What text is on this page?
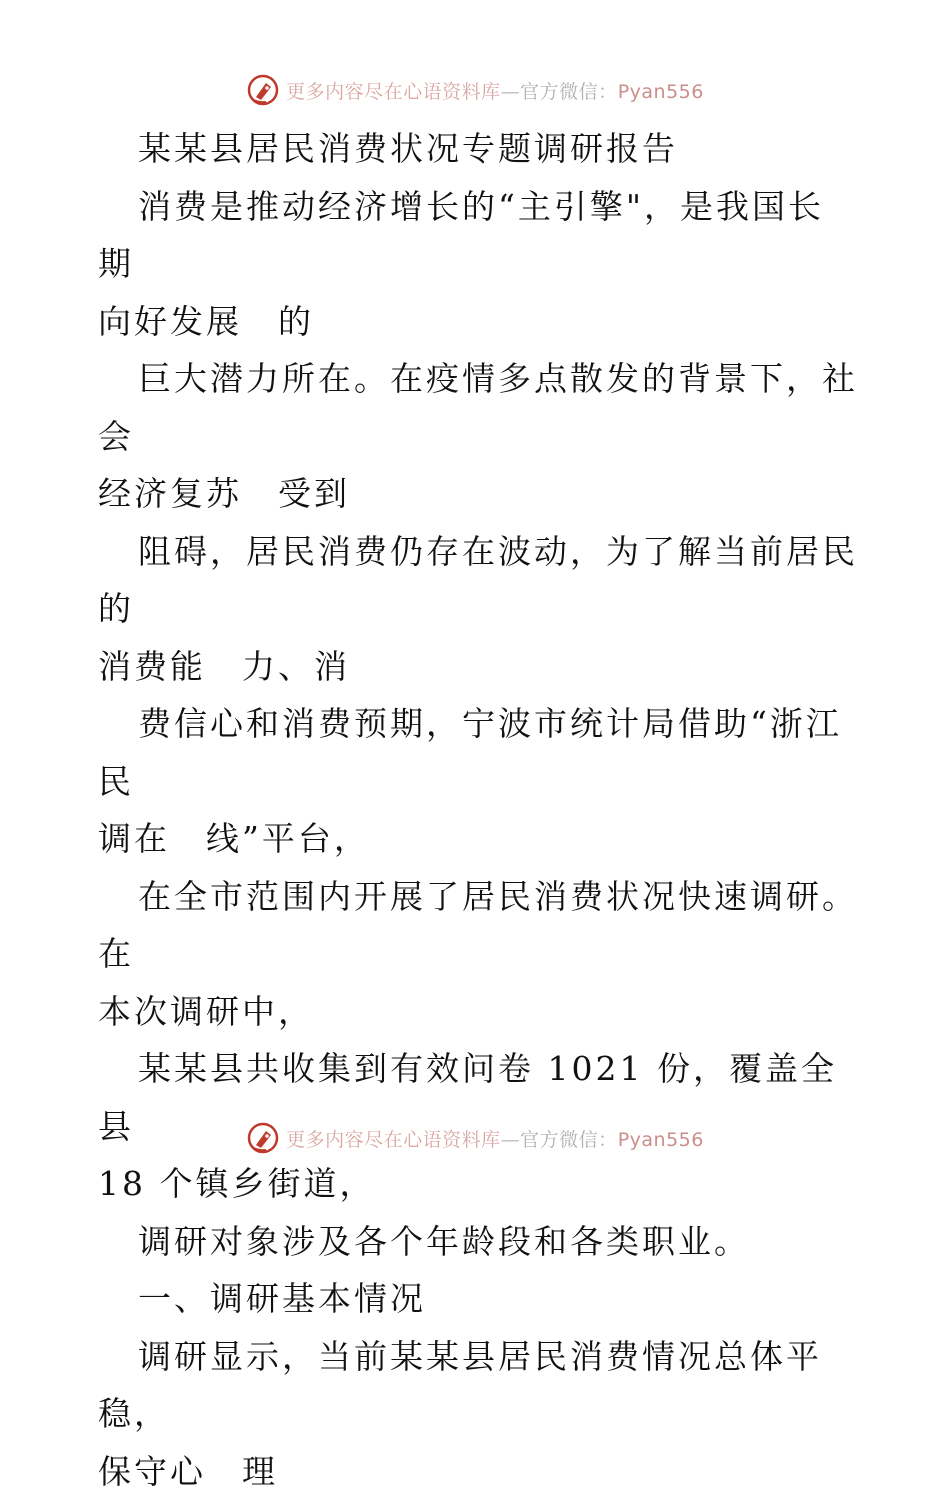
更多内容尽在心语资料库—官方微信：Pyan556

某某县居民消费状况专题调研报告

消费是推动经济增长的“主引擎"，是我国长期

向好发展　的

巨大潜力所在。在疫情多点散发的背景下，社会

经济复苏　受到

阻碍，居民消费仍存在波动，为了解当前居民的

消费能　力、消

费信心和消费预期，宁波市统计局借助“浙江民

调在　线”平台，

在全市范围内开展了居民消费状况快速调研。在

本次调研中，

某某县共收集到有效问卷 1021 份，覆盖全县

18 个镇乡街道，

调研对象涉及各个年龄段和各类职业。

一、调研基本情况

调研显示，当前某某县居民消费情况总体平稳，

保守心　理

更多内容尽在心语资料库—官方微信：Pyan556
